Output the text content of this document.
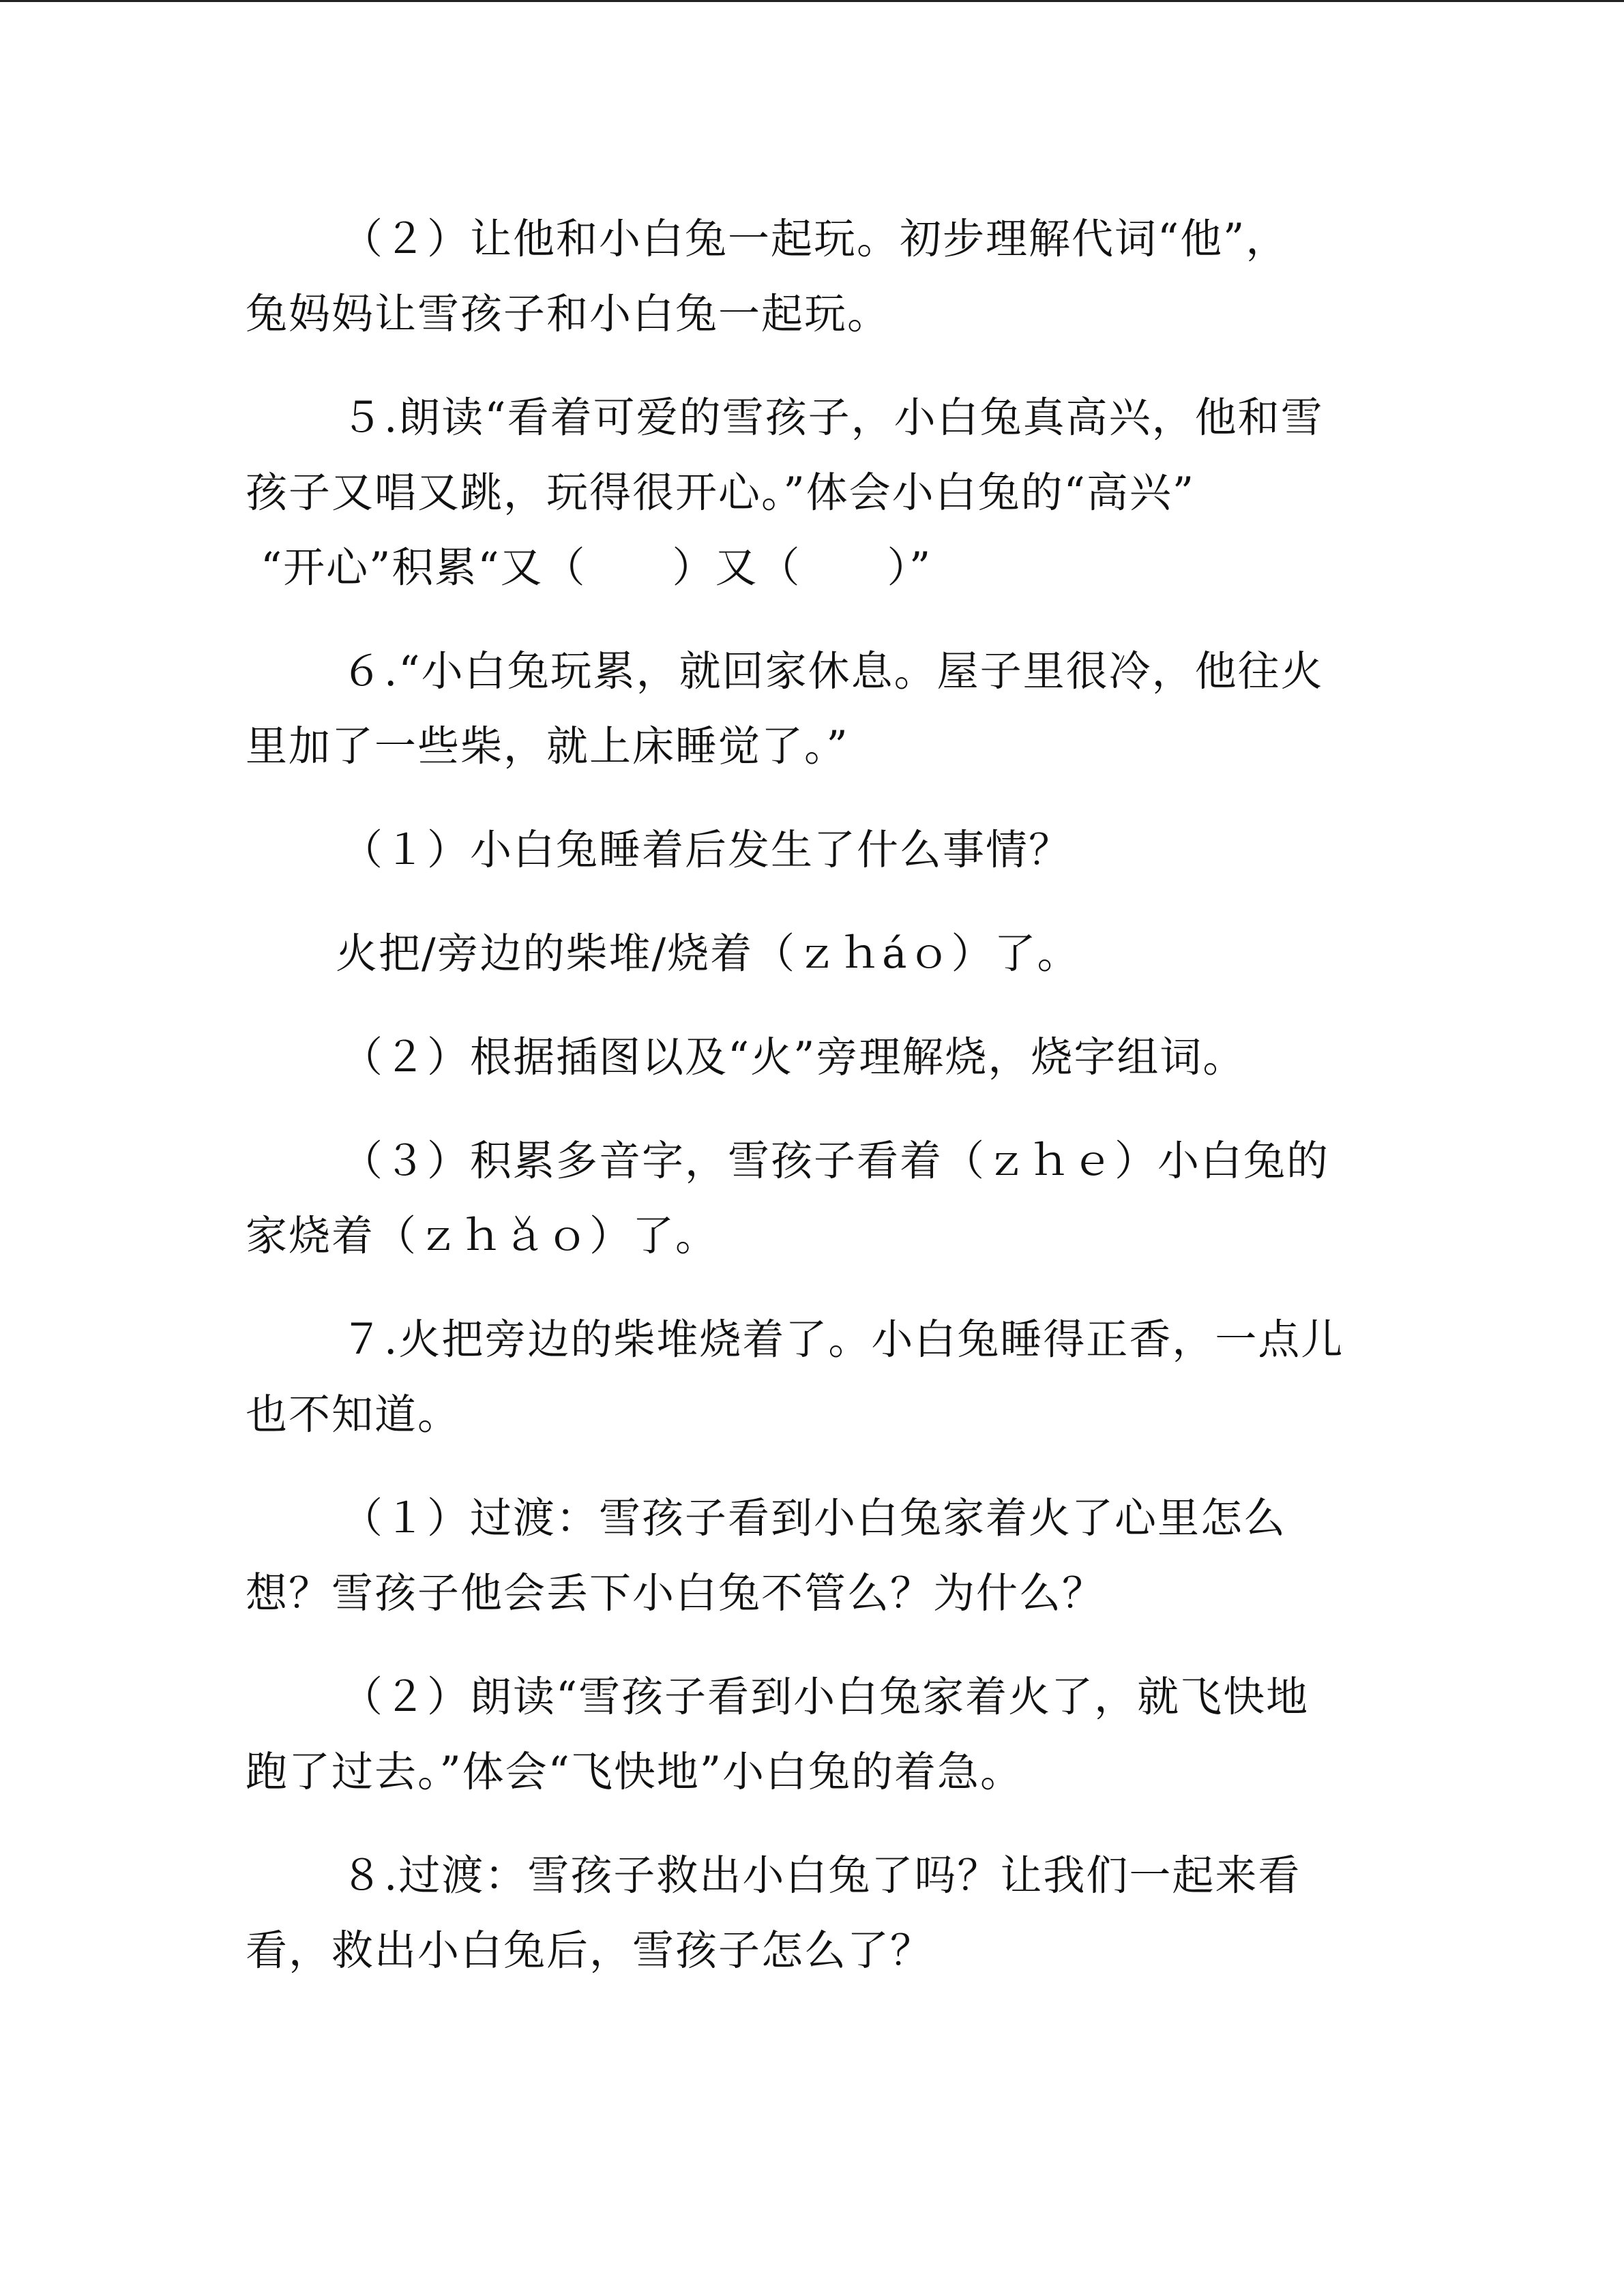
（２）让他和小白兔一起玩。初步理解代词“他”，
兔妈妈让雪孩子和小白兔一起玩。

５.朗读“看着可爱的雪孩子，小白兔真高兴，他和雪
孩子又唱又跳，玩得很开心。”体会小白兔的“高兴”
“开心”积累“又（　　）又（　　）”

６.“小白兔玩累，就回家休息。屋子里很冷，他往火
里加了一些柴，就上床睡觉了。”

（１）小白兔睡着后发生了什么事情？

火把/旁边的柴堆/烧着（ｚｈáｏ）了。

（２）根据插图以及“火”旁理解烧，烧字组词。

（３）积累多音字，雪孩子看着（ｚｈｅ）小白兔的
家烧着（ｚｈ̌ａｏ）了。

７.火把旁边的柴堆烧着了。小白兔睡得正香，一点儿
也不知道。

（１）过渡：雪孩子看到小白兔家着火了心里怎么
想？雪孩子他会丢下小白兔不管么？为什么？

（２）朗读“雪孩子看到小白兔家着火了，就飞快地
跑了过去。”体会“飞快地”小白兔的着急。

８.过渡：雪孩子救出小白兔了吗？让我们一起来看
看，救出小白兔后，雪孩子怎么了？
